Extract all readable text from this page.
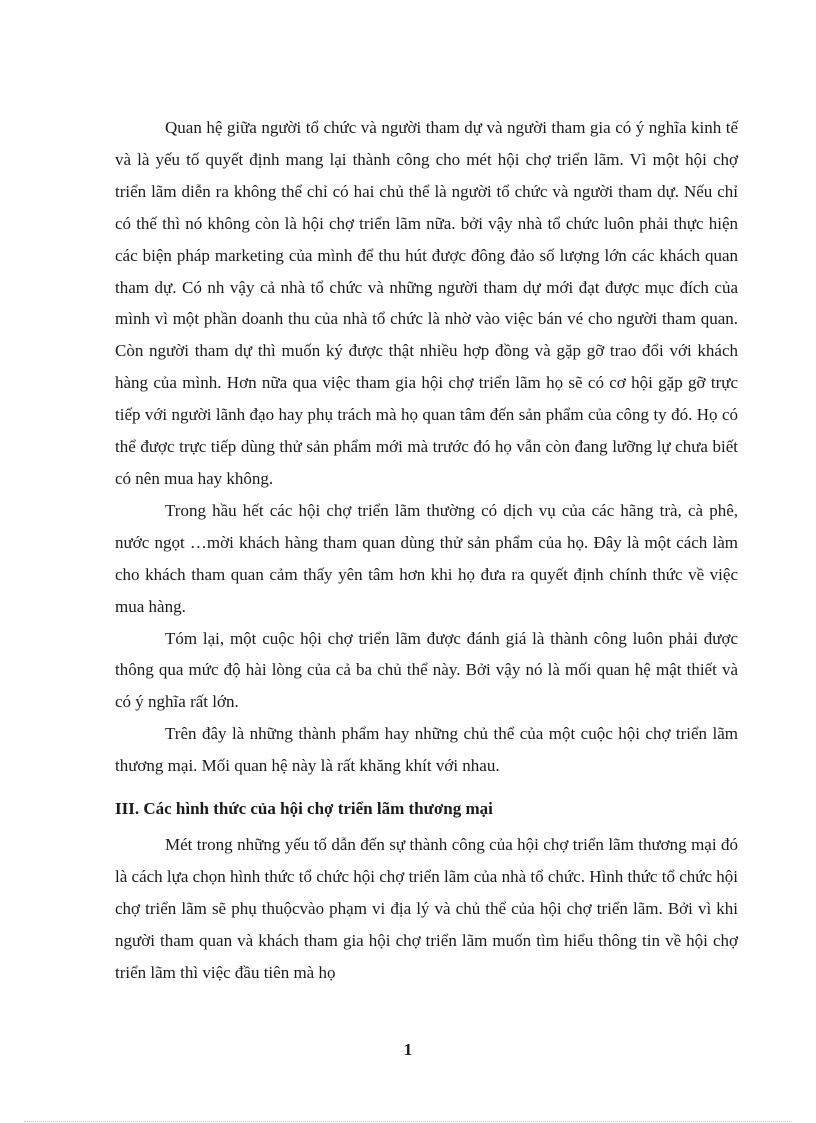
Quan hệ giữa người tổ chức và người tham dự và người tham gia có ý nghĩa kinh tế và là yếu tố quyết định mang lại thành công cho mét hội chợ triển lãm. Vì một hội chợ triển lãm diễn ra không thể chỉ có hai chủ thể là người tổ chức và người tham dự. Nếu chỉ có thế thì nó không còn là hội chợ triển lãm nữa. bởi vậy nhà tổ chức luôn phải thực hiện các biện pháp marketing của mình để thu hút được đông đảo số lượng lớn các khách quan tham dự. Có nh vậy cả nhà tổ chức và những người tham dự mới đạt được mục đích của mình vì một phần doanh thu của nhà tổ chức là nhờ vào việc bán vé cho người tham quan. Còn người tham dự thì muốn ký được thật nhiều hợp đồng và gặp gỡ trao đổi với khách hàng của mình. Hơn nữa qua việc tham gia hội chợ triển lãm họ sẽ có cơ hội gặp gỡ trực tiếp với người lãnh đạo hay phụ trách mà họ quan tâm đến sản phẩm của công ty đó. Họ có thể được trực tiếp dùng thử sản phẩm mới mà trước đó họ vẫn còn đang lưỡng lự chưa biết có nên mua hay không.

Trong hầu hết các hội chợ triển lãm thường có dịch vụ của các hãng trà, cà phê, nước ngọt …mời khách hàng tham quan dùng thử sản phẩm của họ. Đây là một cách làm cho khách tham quan cảm thấy yên tâm hơn khi họ đưa ra quyết định chính thức về việc mua hàng.

Tóm lại, một cuộc hội chợ triển lãm được đánh giá là thành công luôn phải được thông qua mức độ hài lòng của cả ba chủ thể này. Bởi vậy nó là mối quan hệ mật thiết và có ý nghĩa rất lớn.

Trên đây là những thành phẩm hay những chủ thể của một cuộc hội chợ triển lãm thương mại. Mối quan hệ này là rất khăng khít với nhau.

III. Các hình thức của hội chợ triển lãm thương mại

Mét trong những yếu tố dẫn đến sự thành công của hội chợ triển lãm thương mại đó là cách lựa chọn hình thức tổ chức hội chợ triển lãm của nhà tổ chức. Hình thức tổ chức hội chợ triển lãm sẽ phụ thuộcvào phạm vi địa lý và chủ thể của hội chợ triển lãm. Bởi vì khi người tham quan và khách tham gia hội chợ triển lãm muốn tìm hiểu thông tin về hội chợ triển lãm thì việc đầu tiên mà họ

1
